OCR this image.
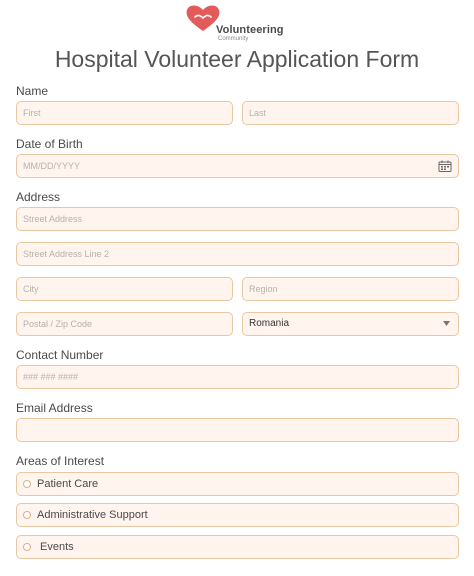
Volunteering
Community
Hospital Volunteer Application Form
Name
First	Last
Date of Birth
MM/DD/YYYY
Address
Street Address
Street Address Line 2
City	Region
Postal / Zip Code	Romania
Contact Number
### ### ####
Email Address
Areas of Interest
Patient Care
Administrative Support
Events
